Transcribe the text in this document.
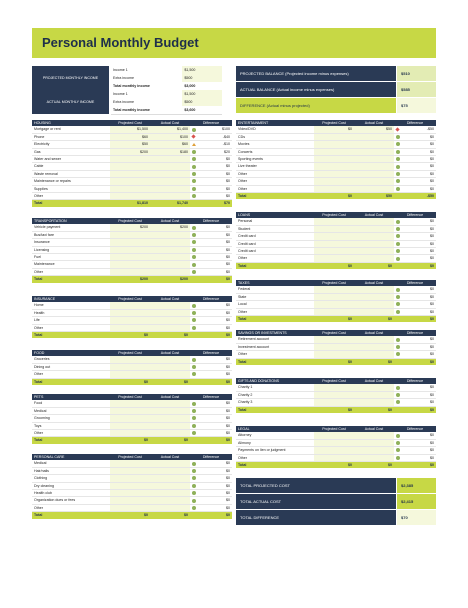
Personal Monthly Budget
PROJECTED MONTHLY INCOME
Income 1	$1,500
Extra income	$500
Total monthly income	$3,000
ACTUAL MONTHLY INCOME
Income 1	$1,500
Extra income	$500
Total monthly income	$3,600
PROJECTED BALANCE (Projected income minus expenses)	$510
ACTUAL BALANCE (Actual income minus expenses)	$585
DIFFERENCE (Actual minus projected)	$75
HOUSING	Projected Cost	Actual Cost	Difference
Mortgage or rent	$1,500	$1,400	$100

Phone	$60	$100	-$40

Electricity	$50	$60	-$10

Gas	$200	$180	$20

Water and sewer			$0

Cable			$0

Waste removal			$0

Maintenance or repairs			$0

Supplies			$0

Other			$0

Total	$1,810	$1,740	$70
TRANSPORTATION	Projected Cost	Actual Cost	Difference
Vehicle payment	$200	$200	$0

Bus/taxi fare			$0

Insurance			$0

Licensing			$0

Fuel			$0

Maintenance			$0

Other			$0

Total	$200	$200	$0
INSURANCE	Projected Cost	Actual Cost	Difference
Home			$0

Health			$0

Life			$0

Other			$0

Total	$0	$0	$0
FOOD	Projected Cost	Actual Cost	Difference
Groceries			$0

Dining out			$0

Other			$0

Total	$0	$0	$0
PETS	Projected Cost	Actual Cost	Difference
Food			$0

Medical			$0

Grooming			$0

Toys			$0

Other			$0

Total	$0	$0	$0
PERSONAL CARE	Projected Cost	Actual Cost	Difference
Medical			$0

Hair/nails			$0

Clothing			$0

Dry cleaning			$0

Health club			$0

Organization dues or fees			$0

Other			$0

Total	$0	$0	$0
ENTERTAINMENT	Projected Cost	Actual Cost	Difference
Video/DVD	$0	$50	-$50

CDs			$0

Movies			$0

Concerts			$0

Sporting events			$0

Live theater			$0

Other			$0

Other			$0

Other			$0

Total	$0	$50	-$50
LOANS	Projected Cost	Actual Cost	Difference
Personal			$0

Student			$0

Credit card			$0

Credit card			$0

Credit card			$0

Other			$0

Total	$0	$0	$0
TAXES	Projected Cost	Actual Cost	Difference
Federal			$0

State			$0

Local			$0

Other			$0

Total	$0	$0	$0
SAVINGS OR INVESTMENTS	Projected Cost	Actual Cost	Difference
Retirement account			$0

Investment account			$0

Other			$0

Total	$0	$0	$0
GIFTS AND DONATIONS	Projected Cost	Actual Cost	Difference
Charity 1			$0

Charity 2			$0

Charity 3			$0

Total	$0	$0	$0
LEGAL	Projected Cost	Actual Cost	Difference
Attorney			$0

Alimony			$0

Payments on lien or judgment			$0

Other			$0

Total	$0	$0	$0
TOTAL PROJECTED COST	$2,385
TOTAL ACTUAL COST	$2,415
TOTAL DIFFERENCE	$70
